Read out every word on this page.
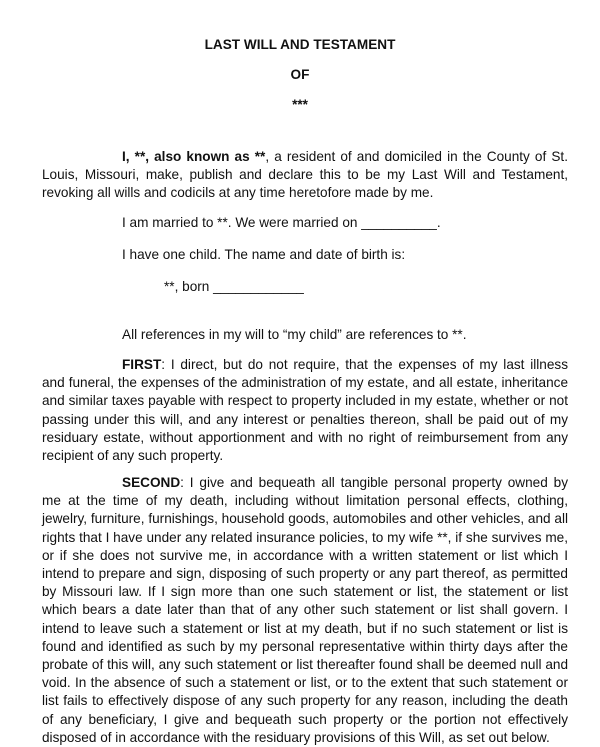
LAST WILL AND TESTAMENT

OF

***

I, **, also known as **, a resident of and domiciled in the County of St. Louis, Missouri, make, publish and declare this to be my Last Will and Testament, revoking all wills and codicils at any time heretofore made by me.

I am married to **. We were married on __________.

I have one child. The name and date of birth is:

**, born ____________

All references in my will to “my child” are references to **.

FIRST: I direct, but do not require, that the expenses of my last illness and funeral, the expenses of the administration of my estate, and all estate, inheritance and similar taxes payable with respect to property included in my estate, whether or not passing under this will, and any interest or penalties thereon, shall be paid out of my residuary estate, without apportionment and with no right of reimbursement from any recipient of any such property.

SECOND: I give and bequeath all tangible personal property owned by me at the time of my death, including without limitation personal effects, clothing, jewelry, furniture, furnishings, household goods, automobiles and other vehicles, and all rights that I have under any related insurance policies, to my wife **, if she survives me, or if she does not survive me, in accordance with a written statement or list which I intend to prepare and sign, disposing of such property or any part thereof, as permitted by Missouri law. If I sign more than one such statement or list, the statement or list which bears a date later than that of any other such statement or list shall govern. I intend to leave such a statement or list at my death, but if no such statement or list is found and identified as such by my personal representative within thirty days after the probate of this will, any such statement or list thereafter found shall be deemed null and void. In the absence of such a statement or list, or to the extent that such statement or list fails to effectively dispose of any such property for any reason, including the death of any beneficiary, I give and bequeath such property or the portion not effectively disposed of in accordance with the residuary provisions of this Will, as set out below.
